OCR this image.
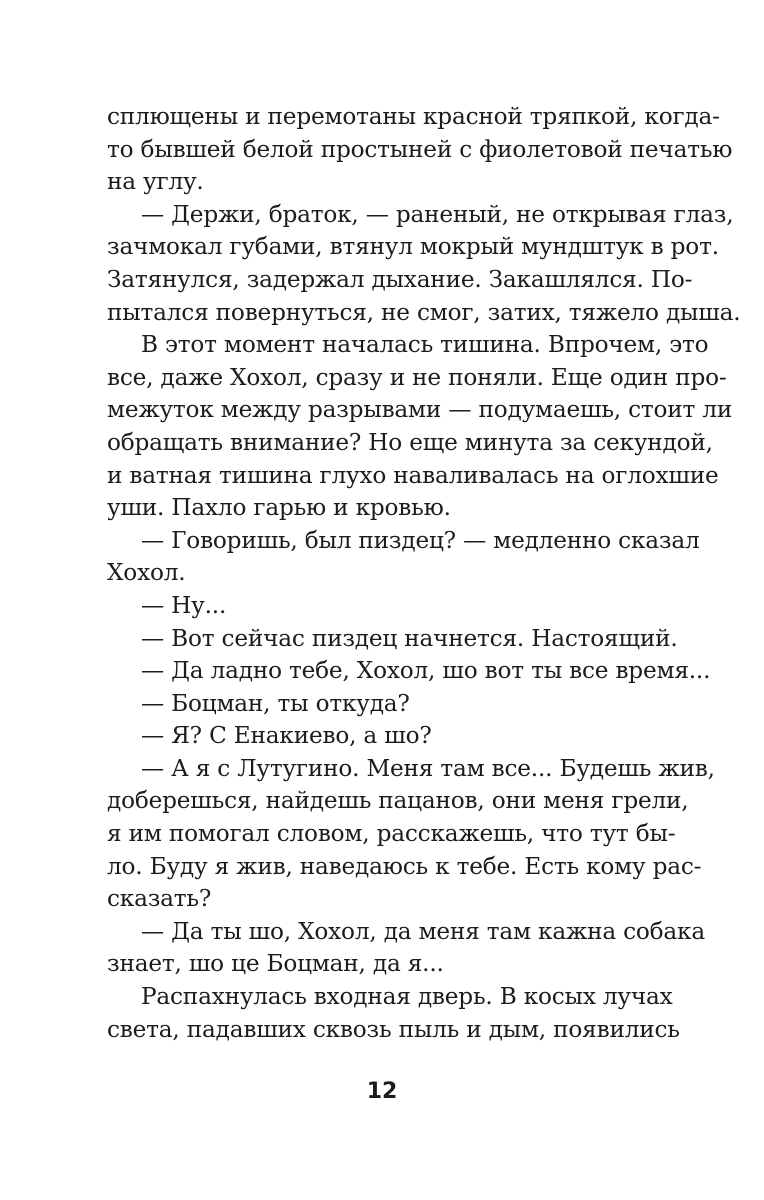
сплющены и перемотаны красной тряпкой, когда-
то бывшей белой простыней с фиолетовой печатью
на углу.
— Держи, браток, — раненый, не открывая глаз,
зачмокал губами, втянул мокрый мундштук в рот.
Затянулся, задержал дыхание. Закашлялся. По-
пытался повернуться, не смог, затих, тяжело дыша.
В этот момент началась тишина. Впрочем, это
все, даже Хохол, сразу и не поняли. Еще один про-
межуток между разрывами — подумаешь, стоит ли
обращать внимание? Но еще минута за секундой,
и ватная тишина глухо наваливалась на оглохшие
уши. Пахло гарью и кровью.
— Говоришь, был пиздец? — медленно сказал
Хохол.
— Ну...
— Вот сейчас пиздец начнется. Настоящий.
— Да ладно тебе, Хохол, шо вот ты все время...
— Боцман, ты откуда?
— Я? С Енакиево, а шо?
— А я с Лутугино. Меня там все... Будешь жив,
доберешься, найдешь пацанов, они меня грели,
я им помогал словом, расскажешь, что тут бы-
ло. Буду я жив, наведаюсь к тебе. Есть кому рас-
сказать?
— Да ты шо, Хохол, да меня там кажна собака
знает, шо це Боцман, да я...
Распахнулась входная дверь. В косых лучах
света, падавших сквозь пыль и дым, появились
12
